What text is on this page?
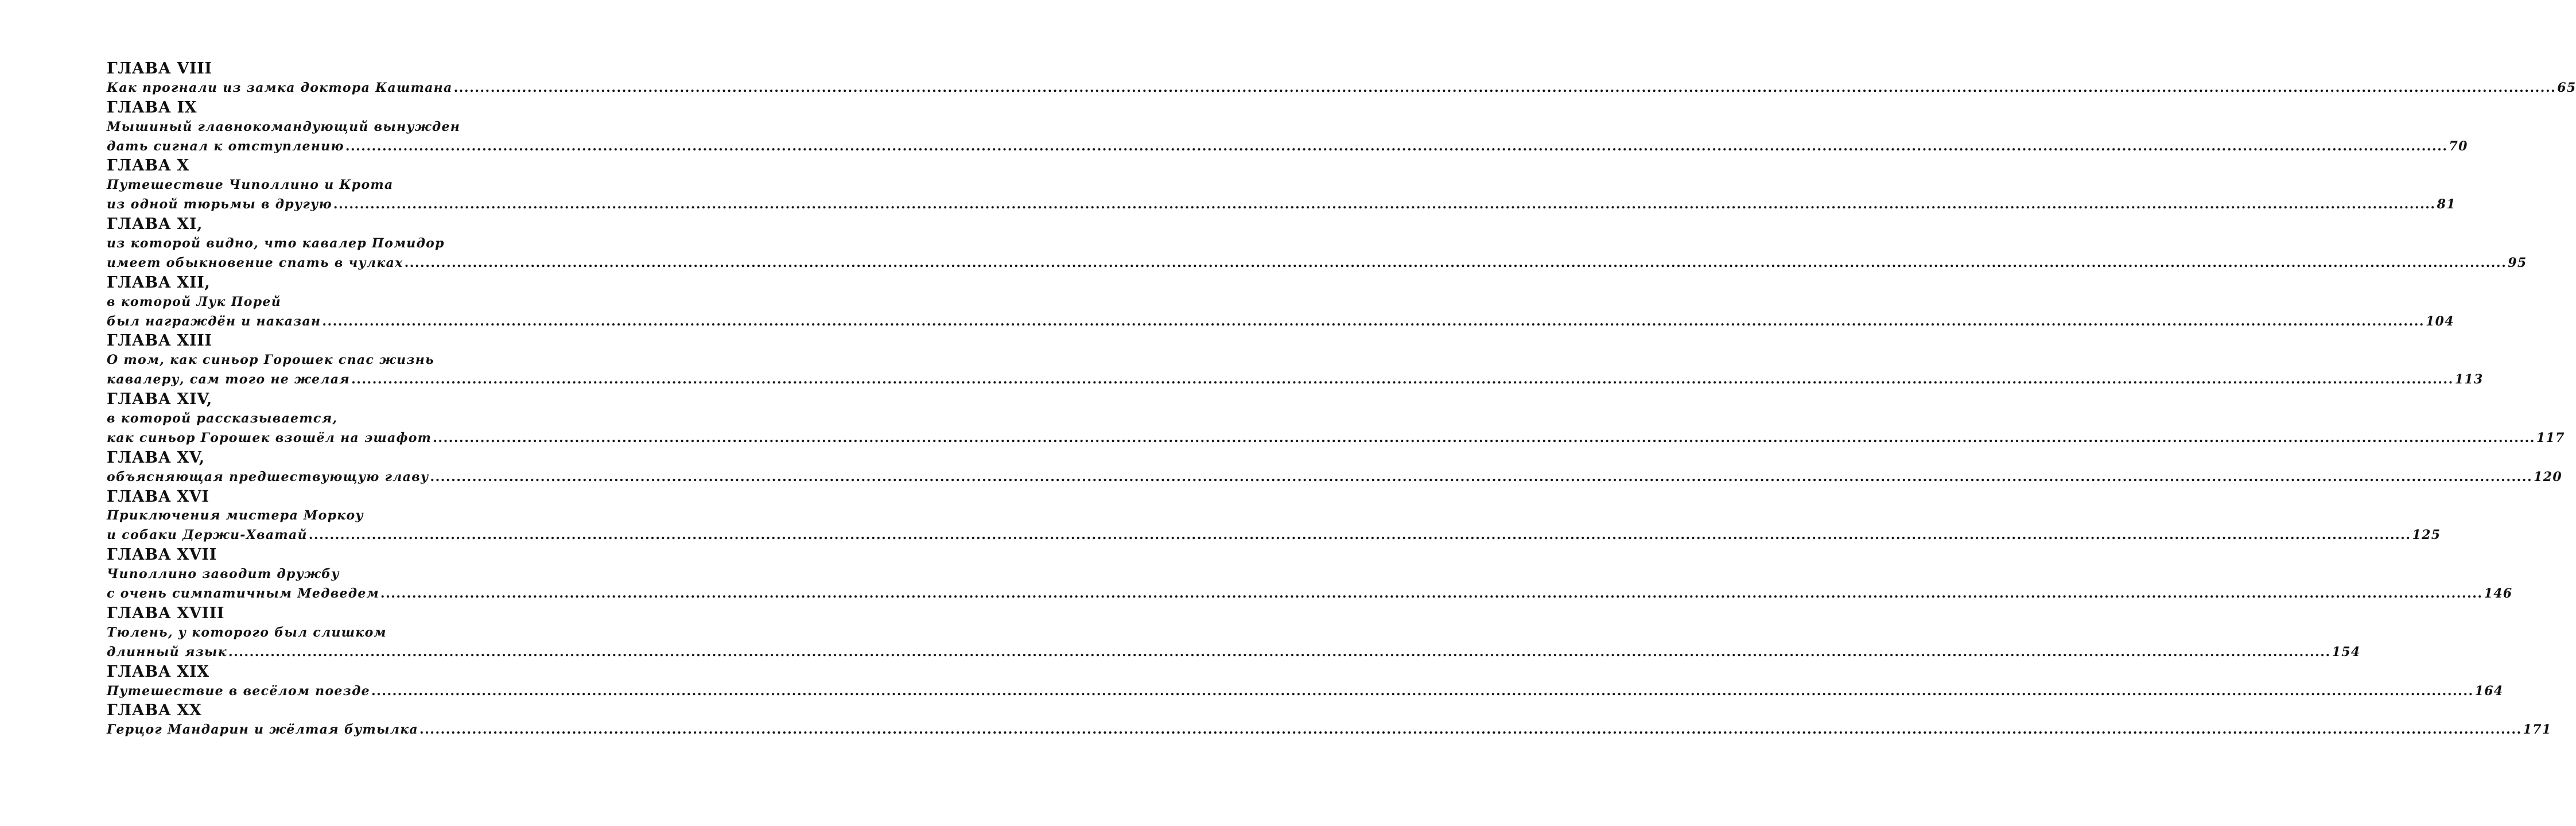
ГЛАВА VIII
Как прогнали из замка доктора Каштана ................................................................................................................................................................................................................................................................................................................................................................................................................ 65
ГЛАВА IX
Мышиный главнокомандующий вынужден
дать сигнал к отступлению ................................................................................................................................................................................................................................................................................................................................................................................................................ 70
ГЛАВА X
Путешествие Чиполлино и Крота
из одной тюрьмы в другую ................................................................................................................................................................................................................................................................................................................................................................................................................ 81
ГЛАВА XI,
из которой видно, что кавалер Помидор
имеет обыкновение спать в чулках ................................................................................................................................................................................................................................................................................................................................................................................................................ 95
ГЛАВА XII,
в которой Лук Порей
был награждён и наказан ................................................................................................................................................................................................................................................................................................................................................................................................................ 104
ГЛАВА XIII
О том, как синьор Горошек спас жизнь
кавалеру, сам того не желая ................................................................................................................................................................................................................................................................................................................................................................................................................ 113
ГЛАВА XIV,
в которой рассказывается,
как синьор Горошек взошёл на эшафот ................................................................................................................................................................................................................................................................................................................................................................................................................ 117
ГЛАВА XV,
объясняющая предшествующую главу ................................................................................................................................................................................................................................................................................................................................................................................................................ 120
ГЛАВА XVI
Приключения мистера Моркоу
и собаки Держи-Хватай ................................................................................................................................................................................................................................................................................................................................................................................................................ 125
ГЛАВА XVII
Чиполлино заводит дружбу
с очень симпатичным Медведем ................................................................................................................................................................................................................................................................................................................................................................................................................ 146
ГЛАВА XVIII
Тюлень, у которого был слишком
длинный язык ................................................................................................................................................................................................................................................................................................................................................................................................................ 154
ГЛАВА XIX
Путешествие в весёлом поезде ................................................................................................................................................................................................................................................................................................................................................................................................................ 164
ГЛАВА XX
Герцог Мандарин и жёлтая бутылка ................................................................................................................................................................................................................................................................................................................................................................................................................ 171
